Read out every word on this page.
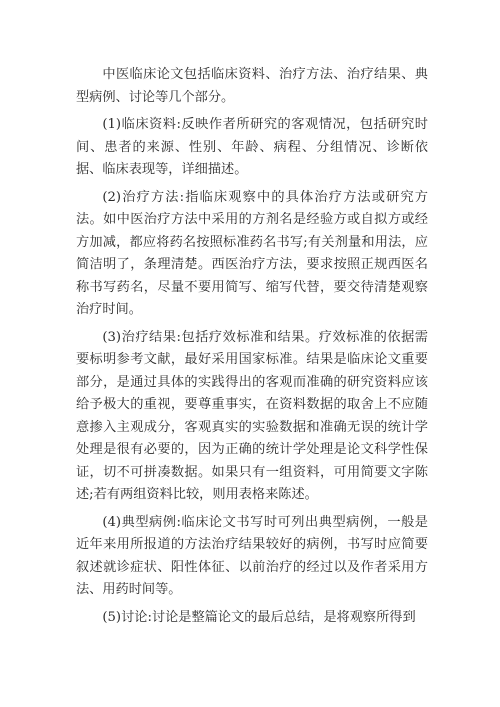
中医临床论文包括临床资料、治疗方法、治疗结果、典型病例、讨论等几个部分。

(1)临床资料:反映作者所研究的客观情况，包括研究时间、患者的来源、性别、年龄、病程、分组情况、诊断依据、临床表现等，详细描述。

(2)治疗方法:指临床观察中的具体治疗方法或研究方法。如中医治疗方法中采用的方剂名是经验方或自拟方或经方加减，都应将药名按照标准药名书写;有关剂量和用法，应简洁明了，条理清楚。西医治疗方法，要求按照正规西医名称书写药名，尽量不要用简写、缩写代替，要交待清楚观察治疗时间。

(3)治疗结果:包括疗效标准和结果。疗效标准的依据需要标明参考文献，最好采用国家标准。结果是临床论文重要部分，是通过具体的实践得出的客观而准确的研究资料应该给予极大的重视，要尊重事实，在资料数据的取舍上不应随意掺入主观成分，客观真实的实验数据和准确无误的统计学处理是很有必要的，因为正确的统计学处理是论文科学性保证，切不可拼凑数据。如果只有一组资料，可用简要文字陈述;若有两组资料比较，则用表格来陈述。

(4)典型病例:临床论文书写时可列出典型病例，一般是近年来用所报道的方法治疗结果较好的病例，书写时应简要叙述就诊症状、阳性体征、以前治疗的经过以及作者采用方法、用药时间等。

(5)讨论:讨论是整篇论文的最后总结，是将观察所得到
